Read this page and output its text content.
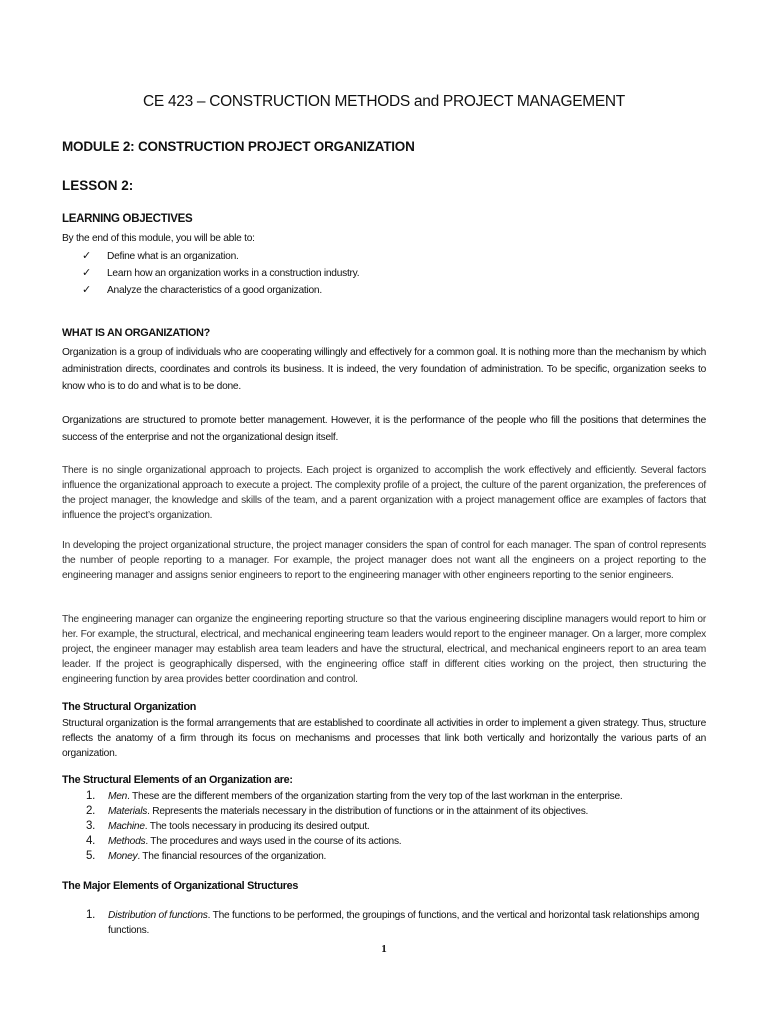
CE 423 – CONSTRUCTION METHODS and PROJECT MANAGEMENT
MODULE 2: CONSTRUCTION PROJECT ORGANIZATION
LESSON 2:
LEARNING OBJECTIVES

By the end of this module, you will be able to:

✓	Define what is an organization.
✓	Learn how an organization works in a construction industry.
✓	Analyze the characteristics of a good organization.
WHAT IS AN ORGANIZATION?

Organization is a group of individuals who are cooperating willingly and effectively for a common goal. It is nothing more than the mechanism by which administration directs, coordinates and controls its business. It is indeed, the very foundation of administration. To be specific, organization seeks to know who is to do and what is to be done.

Organizations are structured to promote better management. However, it is the performance of the people who fill the positions that determines the success of the enterprise and not the organizational design itself.

There is no single organizational approach to projects. Each project is organized to accomplish the work effectively and efficiently. Several factors influence the organizational approach to execute a project. The complexity profile of a project, the culture of the parent organization, the preferences of the project manager, the knowledge and skills of the team, and a parent organization with a project management office are examples of factors that influence the project’s organization.

In developing the project organizational structure, the project manager considers the span of control for each manager. The span of control represents the number of people reporting to a manager. For example, the project manager does not want all the engineers on a project reporting to the engineering manager and assigns senior engineers to report to the engineering manager with other engineers reporting to the senior engineers.

The engineering manager can organize the engineering reporting structure so that the various engineering discipline managers would report to him or her. For example, the structural, electrical, and mechanical engineering team leaders would report to the engineer manager. On a larger, more complex project, the engineer manager may establish area team leaders and have the structural, electrical, and mechanical engineers report to an area team leader. If the project is geographically dispersed, with the engineering office staff in different cities working on the project, then structuring the engineering function by area provides better coordination and control.

The Structural Organization

Structural organization is the formal arrangements that are established to coordinate all activities in order to implement a given strategy. Thus, structure reflects the anatomy of a firm through its focus on mechanisms and processes that link both vertically and horizontally the various parts of an organization.

The Structural Elements of an Organization are:
1.	Men. These are the different members of the organization starting from the very top of the last workman in the enterprise.
2.	Materials. Represents the materials necessary in the distribution of functions or in the attainment of its objectives.
3.	Machine. The tools necessary in producing its desired output.
4.	Methods. The procedures and ways used in the course of its actions.
5.	Money. The financial resources of the organization.
The Major Elements of Organizational Structures
1.	Distribution of functions. The functions to be performed, the groupings of functions, and the vertical and horizontal task relationships among functions.
1
